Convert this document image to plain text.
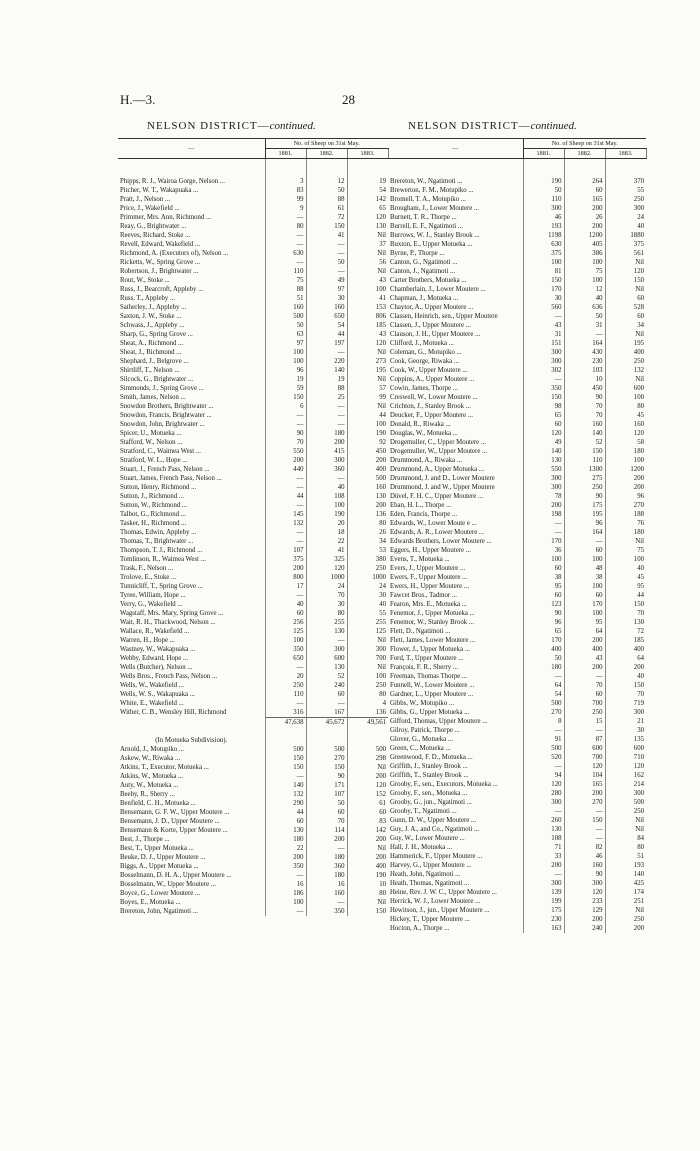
H.—3.	28
NELSON DISTRICT—continued.	NELSON DISTRICT—continued.
—	No. of Sheep on 31st May.		
	1881.	1882.	1883.

Phipps, R. J., Wairoa Gorge, Nelson ...	3	12	19
Pitcher, W. T., Wakapuaka ...	83	50	54
Pratt, J., Nelson ...	99	88	142
Price, J., Wakefield ...	9	61	65
Primmer, Mrs. Ann, Richmond ...	—	72	120
Reay, G., Brightwater ...	80	150	130
Reeves, Richard, Stoke ...	—	41	Nil
Revell, Edward, Wakefield ...	—	—	37
Richmond, A. (Executors of), Nelson ...	630	—	Nil
Ricketts, W., Spring Grove ...	—	50	56
Robertson, J., Brightwater ...	110	—	Nil
Rout, W., Stoke ...	75	49	43
Russ, J., Bearcroft, Appleby ...	88	97	100
Russ, T., Appleby ...	51	30	41
Satherley, J., Appleby ...	160	160	153
Saxton, J. W., Stoke ...	500	650	806
Schwass, J., Appleby ...	50	54	185
Sharp, G., Spring Grove ...	63	44	43
Sheat, A., Richmond ...	97	197	120
Sheat, J., Richmond ...	100	—	Nil
Shephard, J., Belgrove ...	100	220	273
Shirtliff, T., Nelson ...	96	140	195
Silcock, G., Brightwater ...	19	19	Nil
Simmonds, J., Spring Grove ...	59	88	57
Smith, James, Nelson ...	150	25	99
Snowdon Brothers, Brightwater ...	6	—	Nil
Snowdon, Francis, Brightwater ...	—	—	44
Snowdon, John, Brightwater ...	—	—	100
Spicer, U., Motueka ...	90	180	190
Stafford, W., Nelson ...	70	200	92
Stratford, C., Waimea West ...	550	415	450
Stratford, W. L., Hope ...	200	300	200
Stuart, J., French Pass, Nelson ...	440	360	400
Stuart, James, French Pass, Nelson ...	—	—	500
Sutton, Henry, Richmond ...	—	40	160
Sutton, J., Richmond ...	44	108	130
Sutton, W., Richmond ...	—	100	200
Talbot, G., Richmond ...	145	190	136
Tasker, H., Richmond ...	132	20	80
Thomas, Edwin, Appleby ...	—	18	26
Thomas, T., Brightwater ...	—	22	34
Thompson, T. J., Richmond ...	107	41	53
Tomlinson, R., Waimea West ...	375	325	380
Trask, F., Nelson ...	200	120	250
Trolove, E., Stoke ...	800	1000	1000
Tunnicliff, T., Spring Grove ...	17	24	24
Tyree, William, Hope ...	—	70	30
Verry, G., Wakefield ...	40	30	40
Wagstaff, Mrs. Mary, Spring Grove ...	60	80	55
Wait, R. H., Thackwood, Nelson ...	256	255	255
Wallace, R., Wakefield ...	125	130	125
Warren, H., Hope ...	100	—	Nil
Wastney, W., Wakapuaka ...	350	300	300
Webby, Edward, Hope ...	650	600	700
Wells (Butcher), Nelson ...	—	130	Nil
Wells Bros., French Pass, Nelson ...	20	52	100
Wells, W., Wakefield ...	250	240	250
Wells, W. S., Wakapuaka ...	110	60	80
White, E., Wakefield ...	—	—	4
Wither, C. B., Wensley Hill, Richmond	316	167	136
	47,638	45,672	49,561

(In Motueka Subdivision).			
Arnold, J., Motupiko ...	500	500	500
Askew, W., Riwaka ...	150	270	298
Atkins, T., Executor, Motueka ...	150	150	Nil
Atkins, W., Motueka ...	—	90	200
Auty, W., Motueka ...	140	171	120
Beeby, R., Sherry ...	132	107	152
Benfield, C. H., Motueka ...	290	50	61
Bensemann, G. F. W., Upper Moutere ...	44	60	60
Bensemann, J. D., Upper Moutere ...	60	70	83
Bensemann & Korte, Upper Moutere ...	130	114	142
Best, J., Thorpe ...	180	200	200
Best, T., Upper Motueka ...	22	—	Nil
Beuke, D. J., Upper Moutere ...	200	180	200
Biggs, A., Upper Motueka ...	350	360	400
Bosselmann, D. H. A., Upper Moutere ...	—	180	190
Bosselmann, W., Upper Moutere ...	16	16	10
Boyce, G., Lower Moutere ...	186	160	80
Boyes, E., Motueka ...	100	—	Nil
Brereton, John, Ngatimoti ...	—	350	150
—	No. of Sheep on 31st May.		
	1881.	1882.	1883.

Brereton, W., Ngatimoti ...	190	264	370
Brewerton, F. M., Motupiko ...	50	60	55
Bromell, T. A., Motupiko ...	110	165	250
Brougham, J., Lower Moutere ...	300	200	300
Burnett, T. R., Thorpe ...	46	26	24
Burrell, E. F., Ngatimoti ...	193	200	40
Burrows, W. J., Stanley Brook ...	1198	1200	1880
Buxton, E., Upper Motueka ...	630	405	375
Byrne, P., Thorpe ...	375	386	561
Canton, G., Ngatimoti ...	100	100	Nil
Canton, J., Ngatimoti ...	81	75	120
Carter Brothers, Motueka ...	150	100	150
Chamberlain, J., Lower Moutere ...	170	12	Nil
Chapman, J., Motueka ...	30	40	60
Chaytor, A., Upper Moutere ...	560	636	528
Classen, Heinrich, sen., Upper Moutere	—	50	60
Classen, J., Upper Moutere ...	43	31	34
Clauson, J. H., Upper Moutere ...	31	—	Nil
Clifford, J., Motueka ...	151	164	195
Coleman, G., Motupiko ...	300	430	400
Cook, George, Riwaka ...	300	230	250
Cook, W., Upper Moutere ...	302	103	132
Coppins, A., Upper Moutere ...	—	10	Nil
Cowin, James, Thorpe ...	350	450	600
Creswell, W., Lower Moutere ...	150	90	100
Crichton, J., Stanley Brook ...	98	70	80
Deucker, F., Upper Moutere ...	65	70	45
Donald, R., Riwaka ...	60	160	160
Douglas, W., Motueka ...	120	140	120
Drogemuller, C., Upper Moutere ...	49	52	58
Drogemuller, W., Upper Moutere ...	140	150	180
Drummond, A., Riwaka ...	130	110	100
Drummond, A., Upper Motueka ...	550	1300	1200
Drummond, J. and D., Lower Moutere	300	275	200
Drummond, J. and W., Upper Moutere	300	250	200
Düvel, F. H. C., Upper Moutere ...	78	90	96
Eban, H. L., Thorpe ...	200	175	270
Eden, Francis, Thorpe ...	198	195	188
Edwards, W., Lower Moute e ...	—	96	76
Edwards, A. R., Lower Moutere ...	—	164	180
Edwards Brothers, Lower Moutere ...	170	—	Nil
Eggers, H., Upper Moutere ...	36	60	75
Evens, T., Motueka ...	100	100	100
Evers, J., Upper Moutere ...	60	48	40
Ewers, F., Upper Moutere ...	38	38	45
Ewers, H., Upper Moutere ...	95	100	95
Fawcet Bros., Tadmor ...	60	60	44
Fearon, Mrs. E., Motueka ...	123	170	150
Fenemor, J., Upper Motueka ...	90	100	70
Fenemor, W., Stanley Brook ...	96	95	130
Flett, D., Ngatimoti ...	65	64	72
Flett, James, Lower Moutere ...	170	200	185
Flower, J., Upper Motueka ...	400	400	400
Ford, T., Upper Moutere ...	50	43	64
François, F. R., Sherry ...	180	200	200
Freeman, Thomas Thorpe ...	—	—	40
Funnell, W., Lower Moutere ...	64	70	150
Gardner, L., Upper Moutere ...	54	60	70
Gibbs, W., Motupiko ...	500	700	719
Gibbs, G., Upper Motueka ...	270	250	300
Gifford, Thomas, Upper Moutere ...	8	15	21
Gilroy, Patrick, Thorpe ...	—	—	30
Glover, G., Motueka ...	91	87	135
Green, C., Motueka ...	500	600	600
Greenwood, F. D., Motueka ...	520	700	710
Griffith, J., Stanley Brook ...	—	120	120
Griffith, T., Stanley Brook ...	94	104	162
Grooby, F., sen., Executors, Motueka ...	120	165	214
Grooby, F., sen., Motueka ...	280	200	300
Grooby, G., jun., Ngatimoti ...	300	270	500
Grooby, T., Ngatimoti ...	—	—	250
Gunn, D. W., Upper Moutere ...	260	150	Nil
Guy, J. A., and Co., Ngatimoti ...	130	—	Nil
Guy, W., Lower Moutere ...	108	—	84
Hall, J. H., Motueka ...	71	82	80
Hammerick, F., Upper Moutere ...	33	46	51
Harvey, G., Upper Moutere ...	200	160	193
Heath, John, Ngatimoti ...	—	90	140
Heath, Thomas, Ngatimoti ...	300	300	425
Heine, Rev. J. W. C., Upper Moutere ...	139	120	174
Herrick, W. J., Lower Moutere ...	199	233	251
Hewitson, J., jun., Upper Moutere ...	175	129	Nil
Hickey, T., Upper Moutere ...	230	200	250
Hocton, A., Thorpe ...	163	240	200
